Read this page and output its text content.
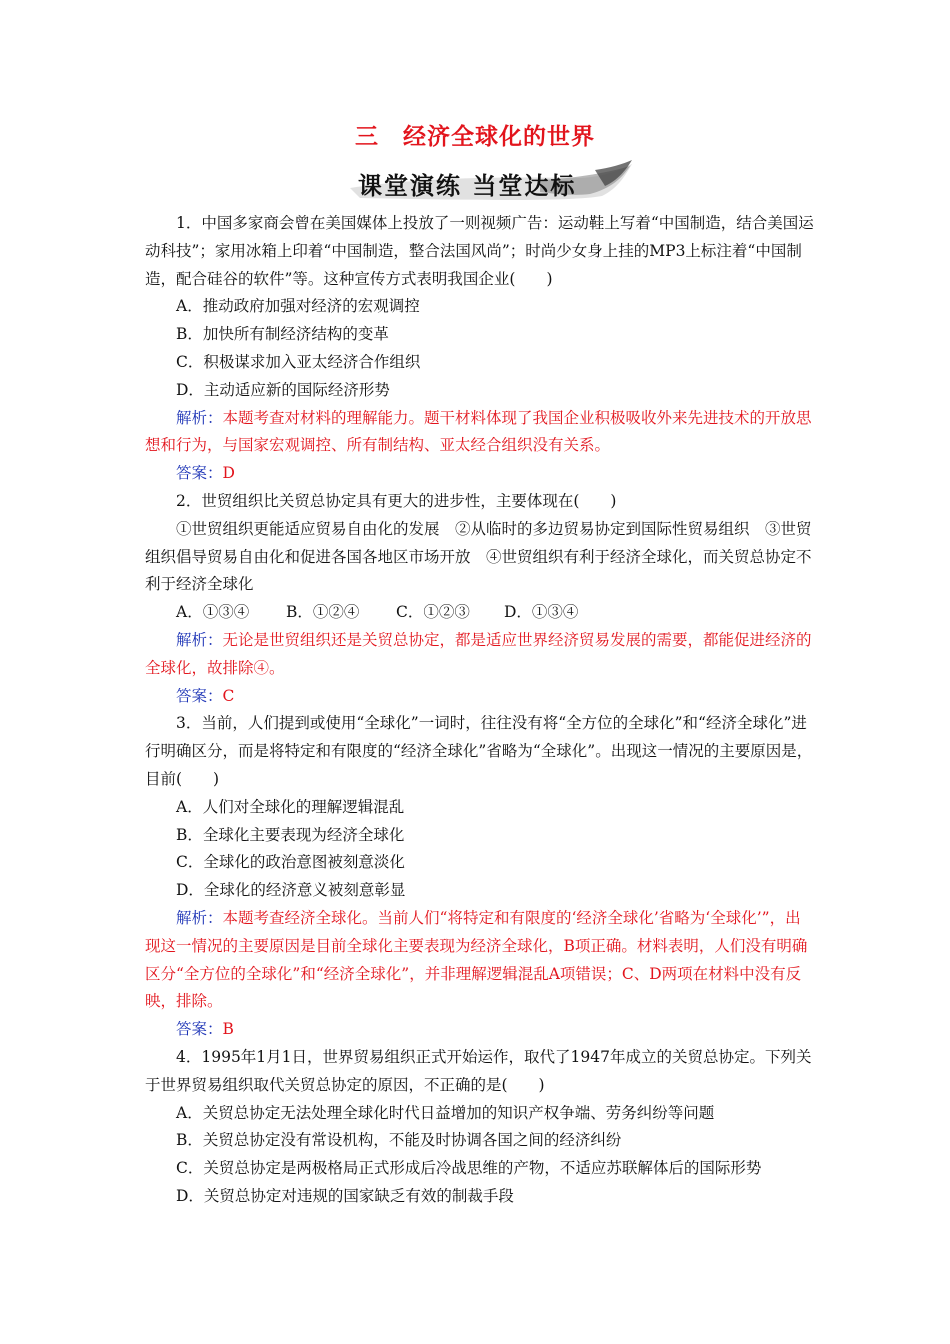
三　经济全球化的世界
课堂演练 当堂达标

1．中国多家商会曾在美国媒体上投放了一则视频广告：运动鞋上写着“中国制造，结合美国运动科技”；家用冰箱上印着“中国制造，整合法国风尚”；时尚少女身上挂的MP3上标注着“中国制造，配合硅谷的软件”等。这种宣传方式表明我国企业(　　)

A．推动政府加强对经济的宏观调控

B．加快所有制经济结构的变革

C．积极谋求加入亚太经济合作组织

D．主动适应新的国际经济形势

解析：本题考查对材料的理解能力。题干材料体现了我国企业积极吸收外来先进技术的开放思想和行为，与国家宏观调控、所有制结构、亚太经合组织没有关系。

答案：D

2．世贸组织比关贸总协定具有更大的进步性，主要体现在(　　)

①世贸组织更能适应贸易自由化的发展　②从临时的多边贸易协定到国际性贸易组织　③世贸组织倡导贸易自由化和促进各国各地区市场开放　④世贸组织有利于经济全球化，而关贸总协定不利于经济全球化

A．①③④ B．①②④ C．①②③ D．①③④

解析：无论是世贸组织还是关贸总协定，都是适应世界经济贸易发展的需要，都能促进经济的全球化，故排除④。

答案：C

3．当前，人们提到或使用“全球化”一词时，往往没有将“全方位的全球化”和“经济全球化”进行明确区分，而是将特定和有限度的“经济全球化”省略为“全球化”。出现这一情况的主要原因是，目前(　　)

A．人们对全球化的理解逻辑混乱

B．全球化主要表现为经济全球化

C．全球化的政治意图被刻意淡化

D．全球化的经济意义被刻意彰显

解析：本题考查经济全球化。当前人们“将特定和有限度的‘经济全球化’省略为‘全球化’”，出现这一情况的主要原因是目前全球化主要表现为经济全球化，B项正确。材料表明，人们没有明确区分“全方位的全球化”和“经济全球化”，并非理解逻辑混乱A项错误；C、D两项在材料中没有反映，排除。

答案：B

4．1995年1月1日，世界贸易组织正式开始运作，取代了1947年成立的关贸总协定。下列关于世界贸易组织取代关贸总协定的原因，不正确的是(　　)

A．关贸总协定无法处理全球化时代日益增加的知识产权争端、劳务纠纷等问题

B．关贸总协定没有常设机构，不能及时协调各国之间的经济纠纷

C．关贸总协定是两极格局正式形成后冷战思维的产物，不适应苏联解体后的国际形势

D．关贸总协定对违规的国家缺乏有效的制裁手段
